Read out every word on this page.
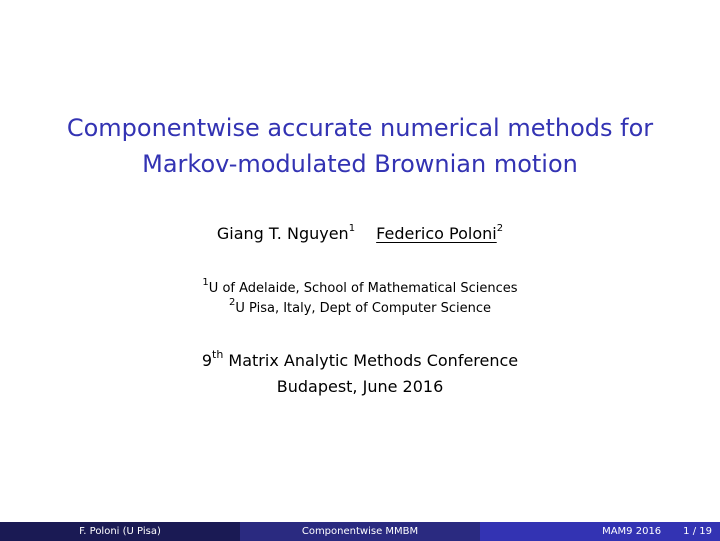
Componentwise accurate numerical methods for
Markov-modulated Brownian motion
Giang T. Nguyen$^1$ Federico Poloni$^2$
$^1$U of Adelaide, School of Mathematical Sciences
$^2$U Pisa, Italy, Dept of Computer Science
9th Matrix Analytic Methods Conference
Budapest, June 2016
F. Poloni (U Pisa)	Componentwise MMBM	MAM9 2016 1 / 19
